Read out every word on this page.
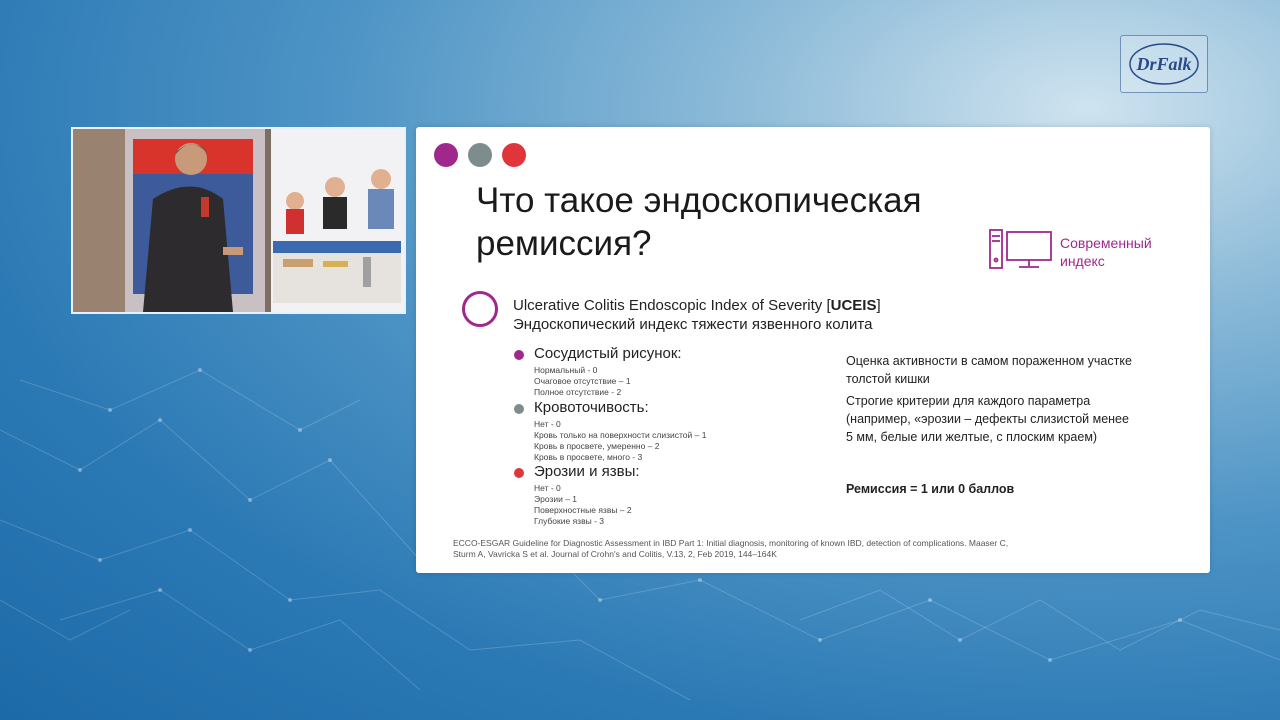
DrFalk
Что такое эндоскопическая
ремиссия?	Современный
индекс
Ulcerative Colitis Endoscopic Index of Severity [UCEIS]
Эндоскопический индекс тяжести язвенного колита
Сосудистый рисунок:
Нормальный - 0
Очаговое отсутствие – 1
Полное отсутствие - 2
Кровоточивость:
Нет - 0
Кровь только на поверхности слизистой – 1
Кровь в просвете, умеренно – 2
Кровь в просвете, много - 3
Эрозии и язвы:
Нет - 0
Эрозии – 1
Поверхностные язвы – 2
Глубокие язвы - 3
Оценка активности в самом пораженном участке толстой кишки
Строгие критерии для каждого параметра (например, «эрозии – дефекты слизистой менее 5 мм, белые или желтые, с плоским краем)
Ремиссия = 1 или 0 баллов
ECCO-ESGAR Guideline for Diagnostic Assessment in IBD Part 1: Initial diagnosis, monitoring of known IBD, detection of complications. Maaser C, Sturm A, Vavricka S et al. Journal of Crohn's and Colitis, V.13, 2, Feb 2019, 144–164K
